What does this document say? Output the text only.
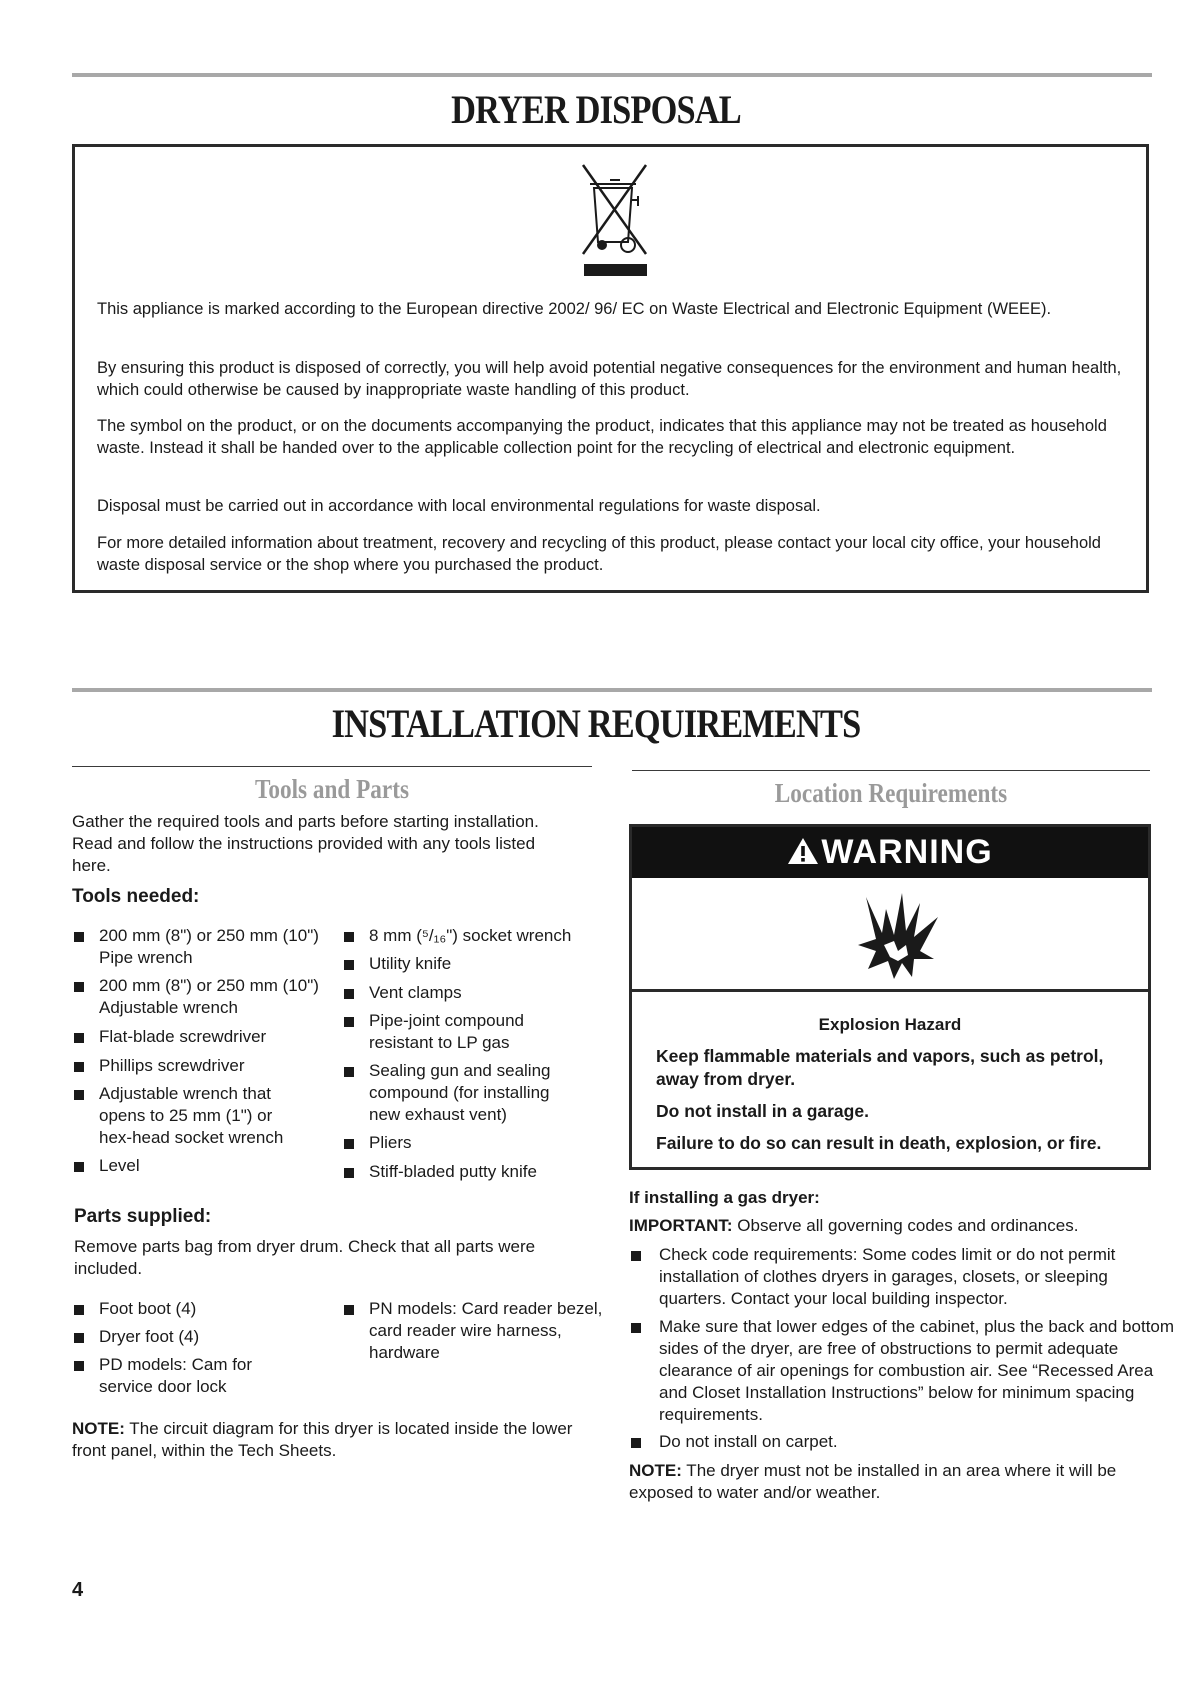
DRYER DISPOSAL

This appliance is marked according to the European directive 2002/ 96/ EC on Waste Electrical and Electronic Equipment (WEEE).

By ensuring this product is disposed of correctly, you will help avoid potential negative consequences for the environment and human health, which could otherwise be caused by inappropriate waste handling of this product.

The symbol on the product, or on the documents accompanying the product, indicates that this appliance may not be treated as household waste. Instead it shall be handed over to the applicable collection point for the recycling of electrical and electronic equipment.

Disposal must be carried out in accordance with local environmental regulations for waste disposal.

For more detailed information about treatment, recovery and recycling of this product, please contact your local city office, your household waste disposal service or the shop where you purchased the product.

INSTALLATION REQUIREMENTS
Tools and Parts

Gather the required tools and parts before starting installation. Read and follow the instructions provided with any tools listed here.

Tools needed:
200 mm (8") or 250 mm (10") Pipe wrench
200 mm (8") or 250 mm (10") Adjustable wrench
Flat-blade screwdriver
Phillips screwdriver
Adjustable wrench that opens to 25 mm (1") or hex-head socket wrench
Level
8 mm (⁵/₁₆") socket wrench
Utility knife
Vent clamps
Pipe-joint compound resistant to LP gas
Sealing gun and sealing compound (for installing new exhaust vent)
Pliers
Stiff-bladed putty knife
Parts supplied:

Remove parts bag from dryer drum. Check that all parts were included.

Foot boot (4)
Dryer foot (4)
PD models: Cam for service door lock
PN models: Card reader bezel, card reader wire harness, hardware

NOTE: The circuit diagram for this dryer is located inside the lower front panel, within the Tech Sheets.

Location Requirements
WARNING

Explosion Hazard

Keep flammable materials and vapors, such as petrol, away from dryer.

Do not install in a garage.

Failure to do so can result in death, explosion, or fire.

If installing a gas dryer:

IMPORTANT: Observe all governing codes and ordinances.

Check code requirements: Some codes limit or do not permit installation of clothes dryers in garages, closets, or sleeping quarters. Contact your local building inspector.
Make sure that lower edges of the cabinet, plus the back and bottom sides of the dryer, are free of obstructions to permit adequate clearance of air openings for combustion air. See “Recessed Area and Closet Installation Instructions” below for minimum spacing requirements.
Do not install on carpet.

NOTE: The dryer must not be installed in an area where it will be exposed to water and/or weather.

4
